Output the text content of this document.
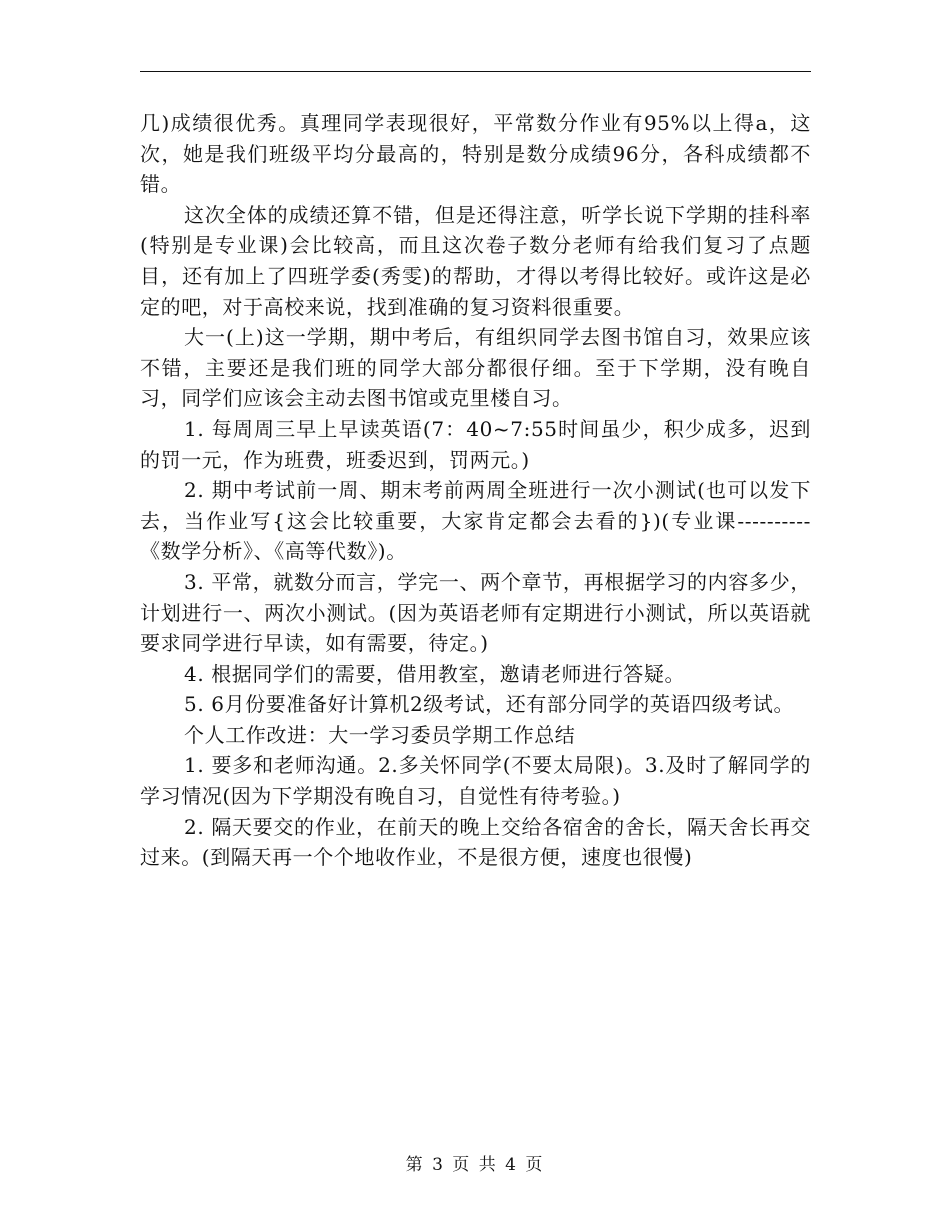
几)成绩很优秀。真理同学表现很好，平常数分作业有95%以上得a，这次，她是我们班级平均分最高的，特别是数分成绩96分，各科成绩都不错。

这次全体的成绩还算不错，但是还得注意，听学长说下学期的挂科率(特别是专业课)会比较高，而且这次卷子数分老师有给我们复习了点题目，还有加上了四班学委(秀雯)的帮助，才得以考得比较好。或许这是必定的吧，对于高校来说，找到准确的复习资料很重要。

大一(上)这一学期，期中考后，有组织同学去图书馆自习，效果应该不错，主要还是我们班的同学大部分都很仔细。至于下学期，没有晚自习，同学们应该会主动去图书馆或克里楼自习。

1. 每周周三早上早读英语(7：40~7:55时间虽少，积少成多，迟到的罚一元，作为班费，班委迟到，罚两元。)

2. 期中考试前一周、期末考前两周全班进行一次小测试(也可以发下去，当作业写{这会比较重要，大家肯定都会去看的})(专业课----------《数学分析》、《高等代数》)。

3. 平常，就数分而言，学完一、两个章节，再根据学习的内容多少，计划进行一、两次小测试。(因为英语老师有定期进行小测试，所以英语就要求同学进行早读，如有需要，待定。)

4. 根据同学们的需要，借用教室，邀请老师进行答疑。

5. 6月份要准备好计算机2级考试，还有部分同学的英语四级考试。

个人工作改进：大一学习委员学期工作总结

1. 要多和老师沟通。2.多关怀同学(不要太局限)。3.及时了解同学的学习情况(因为下学期没有晚自习，自觉性有待考验。)

2. 隔天要交的作业，在前天的晚上交给各宿舍的舍长，隔天舍长再交过来。(到隔天再一个个地收作业，不是很方便，速度也很慢)

第 3 页 共 4 页
